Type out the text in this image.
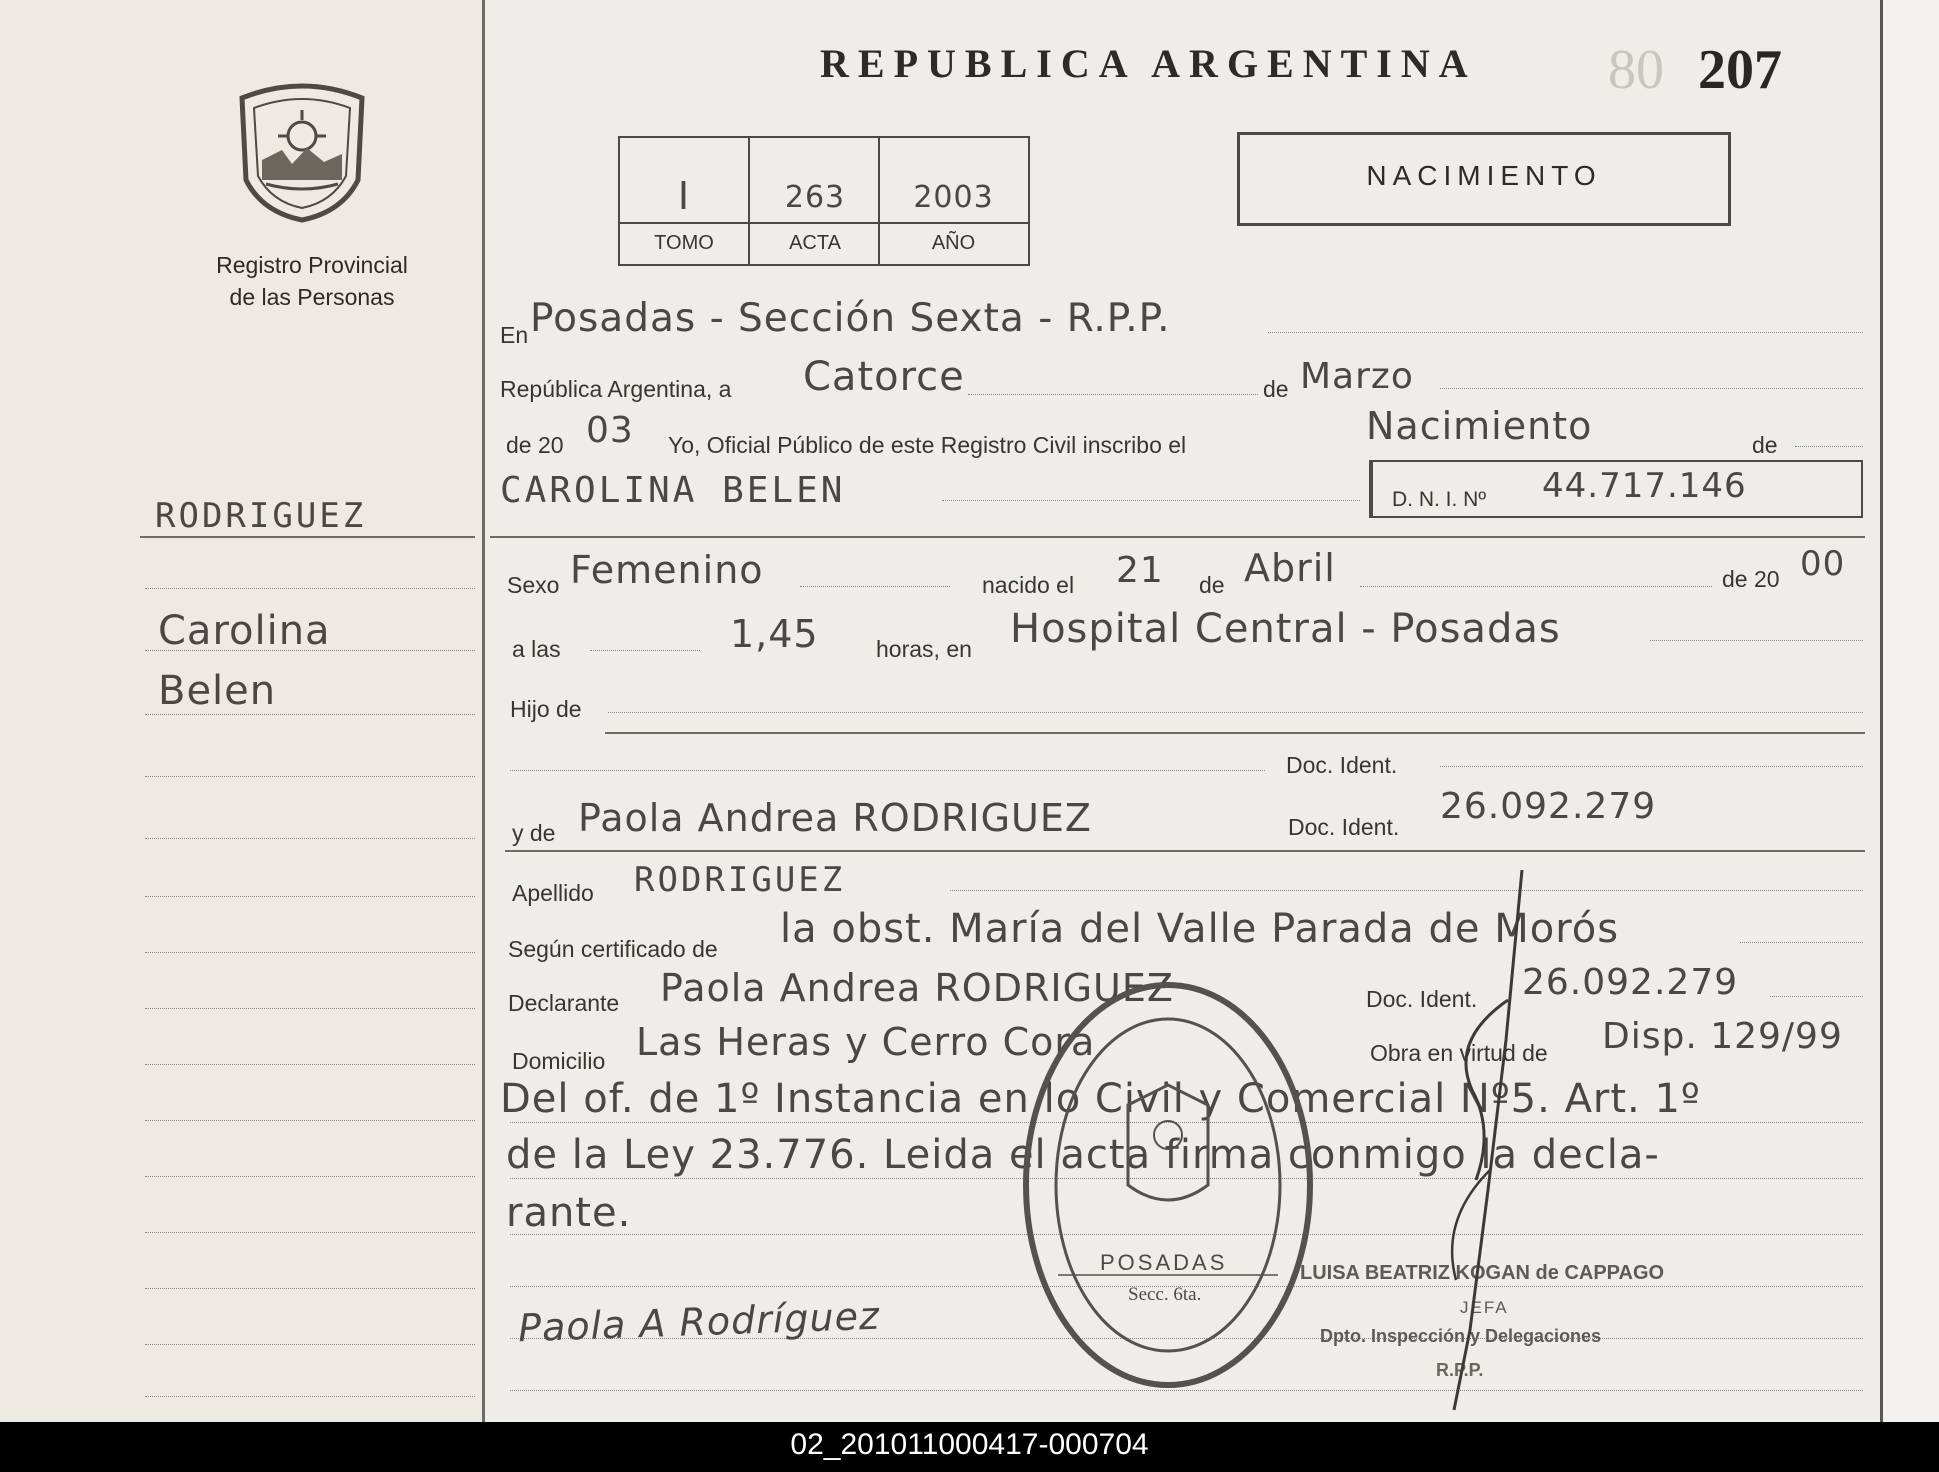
Registro Provincial
de las Personas
RODRIGUEZ
Carolina
Belen
REPUBLICA ARGENTINA 80 207
NACIMIENTO
I	263	2003
TOMO	ACTA	AÑO
En Posadas - Sección Sexta - R.P.P.
República Argentina, a Catorce	de Marzo
de 20 03 Yo, Oficial Público de este Registro Civil inscribo el	Nacimiento	de
CAROLINA BELEN	D. N. I. Nº 44.717.146
Sexo Femenino	nacido el 21 de Abril	de 20 00
a las	1,45 horas, en Hospital Central - Posadas
Hijo de
Doc. Ident.
y de Paola Andrea RODRIGUEZ	Doc. Ident. 26.092.279
Apellido RODRIGUEZ
Según certificado de la obst. María del Valle Parada de Morós
Declarante Paola Andrea RODRIGUEZ	Doc. Ident. 26.092.279
Domicilio Las Heras y Cerro Cora	Obra en virtud de Disp. 129/99
Del of. de 1º Instancia en lo Civil y Comercial Nº5. Art. 1º
de la Ley 23.776. Leida el acta firma conmigo la decla-
rante.
Paola A Rodríguez
POSADAS
Secc. 6ta.
LUISA BEATRIZ KOGAN de CAPPAGO
JEFA
Dpto. Inspección y Delegaciones
R.P.P.
02_201011000417-000704
